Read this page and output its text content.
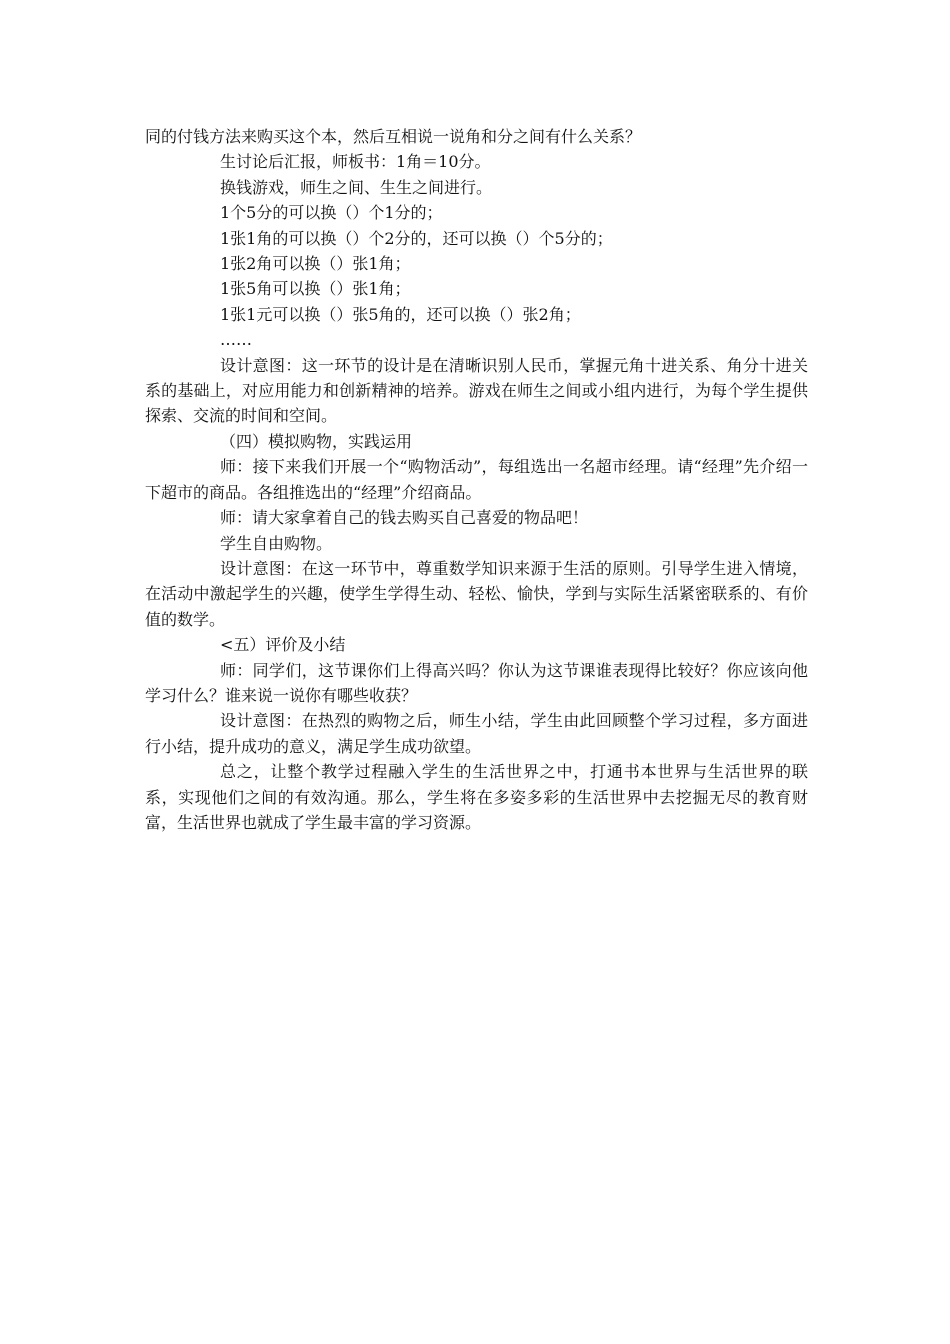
同的付钱方法来购买这个本，然后互相说一说角和分之间有什么关系？

生讨论后汇报，师板书：1角＝10分。

换钱游戏，师生之间、生生之间进行。

1个5分的可以换（）个1分的；

1张1角的可以换（）个2分的，还可以换（）个5分的；

1张2角可以换（）张1角；

1张5角可以换（）张1角；

1张1元可以换（）张5角的，还可以换（）张2角；

……

设计意图：这一环节的设计是在清晰识别人民币，掌握元角十进关系、角分十进关系的基础上，对应用能力和创新精神的培养。游戏在师生之间或小组内进行，为每个学生提供探索、交流的时间和空间。

（四）模拟购物，实践运用

师：接下来我们开展一个“购物活动”，每组选出一名超市经理。请“经理”先介绍一下超市的商品。各组推选出的“经理”介绍商品。

师：请大家拿着自己的钱去购买自己喜爱的物品吧！

学生自由购物。

设计意图：在这一环节中，尊重数学知识来源于生活的原则。引导学生进入情境，在活动中激起学生的兴趣，使学生学得生动、轻松、愉快，学到与实际生活紧密联系的、有价值的数学。

<五）评价及小结

师：同学们，这节课你们上得高兴吗？你认为这节课谁表现得比较好？你应该向他学习什么？谁来说一说你有哪些收获？

设计意图：在热烈的购物之后，师生小结，学生由此回顾整个学习过程，多方面进行小结，提升成功的意义，满足学生成功欲望。

总之，让整个教学过程融入学生的生活世界之中，打通书本世界与生活世界的联系，实现他们之间的有效沟通。那么，学生将在多姿多彩的生活世界中去挖掘无尽的教育财富，生活世界也就成了学生最丰富的学习资源。
